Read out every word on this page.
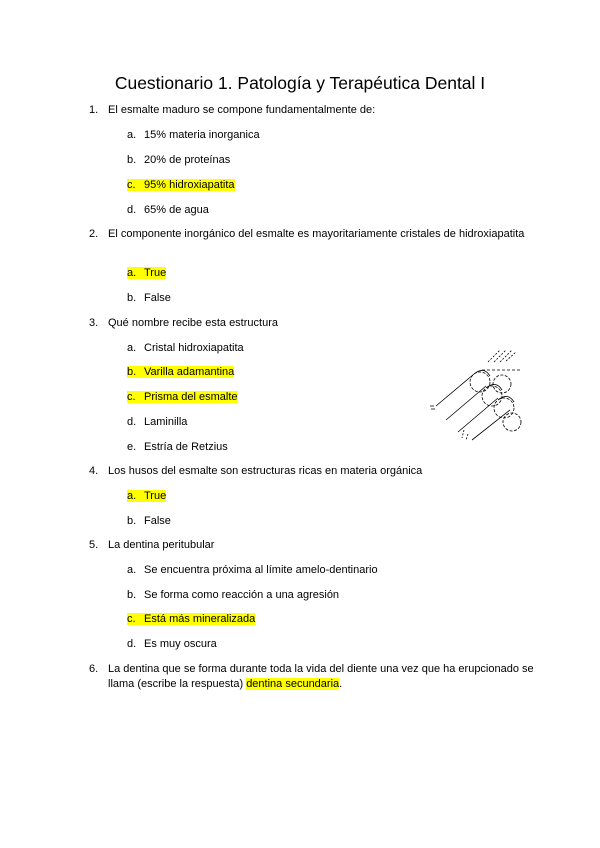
Cuestionario 1. Patología y Terapéutica Dental I
1. El esmalte maduro se compone fundamentalmente de:
a. 15% materia inorganica
b. 20% de proteínas
c. 95% hidroxiapatita
d. 65% de agua
2. El componente inorgánico del esmalte es mayoritariamente cristales de hidroxiapatita
a. True
b. False
3. Qué nombre recibe esta estructura
a. Cristal hidroxiapatita
b. Varilla adamantina
c. Prisma del esmalte
d. Laminilla
e. Estría de Retzius
4. Los husos del esmalte son estructuras ricas en materia orgánica
a. True
b. False
5. La dentina peritubular
a. Se encuentra próxima al límite amelo-dentinario
b. Se forma como reacción a una agresión
c. Está más mineralizada
d. Es muy oscura
6. La dentina que se forma durante toda la vida del diente una vez que ha erupcionado se llama (escribe la respuesta) dentina secundaria.
